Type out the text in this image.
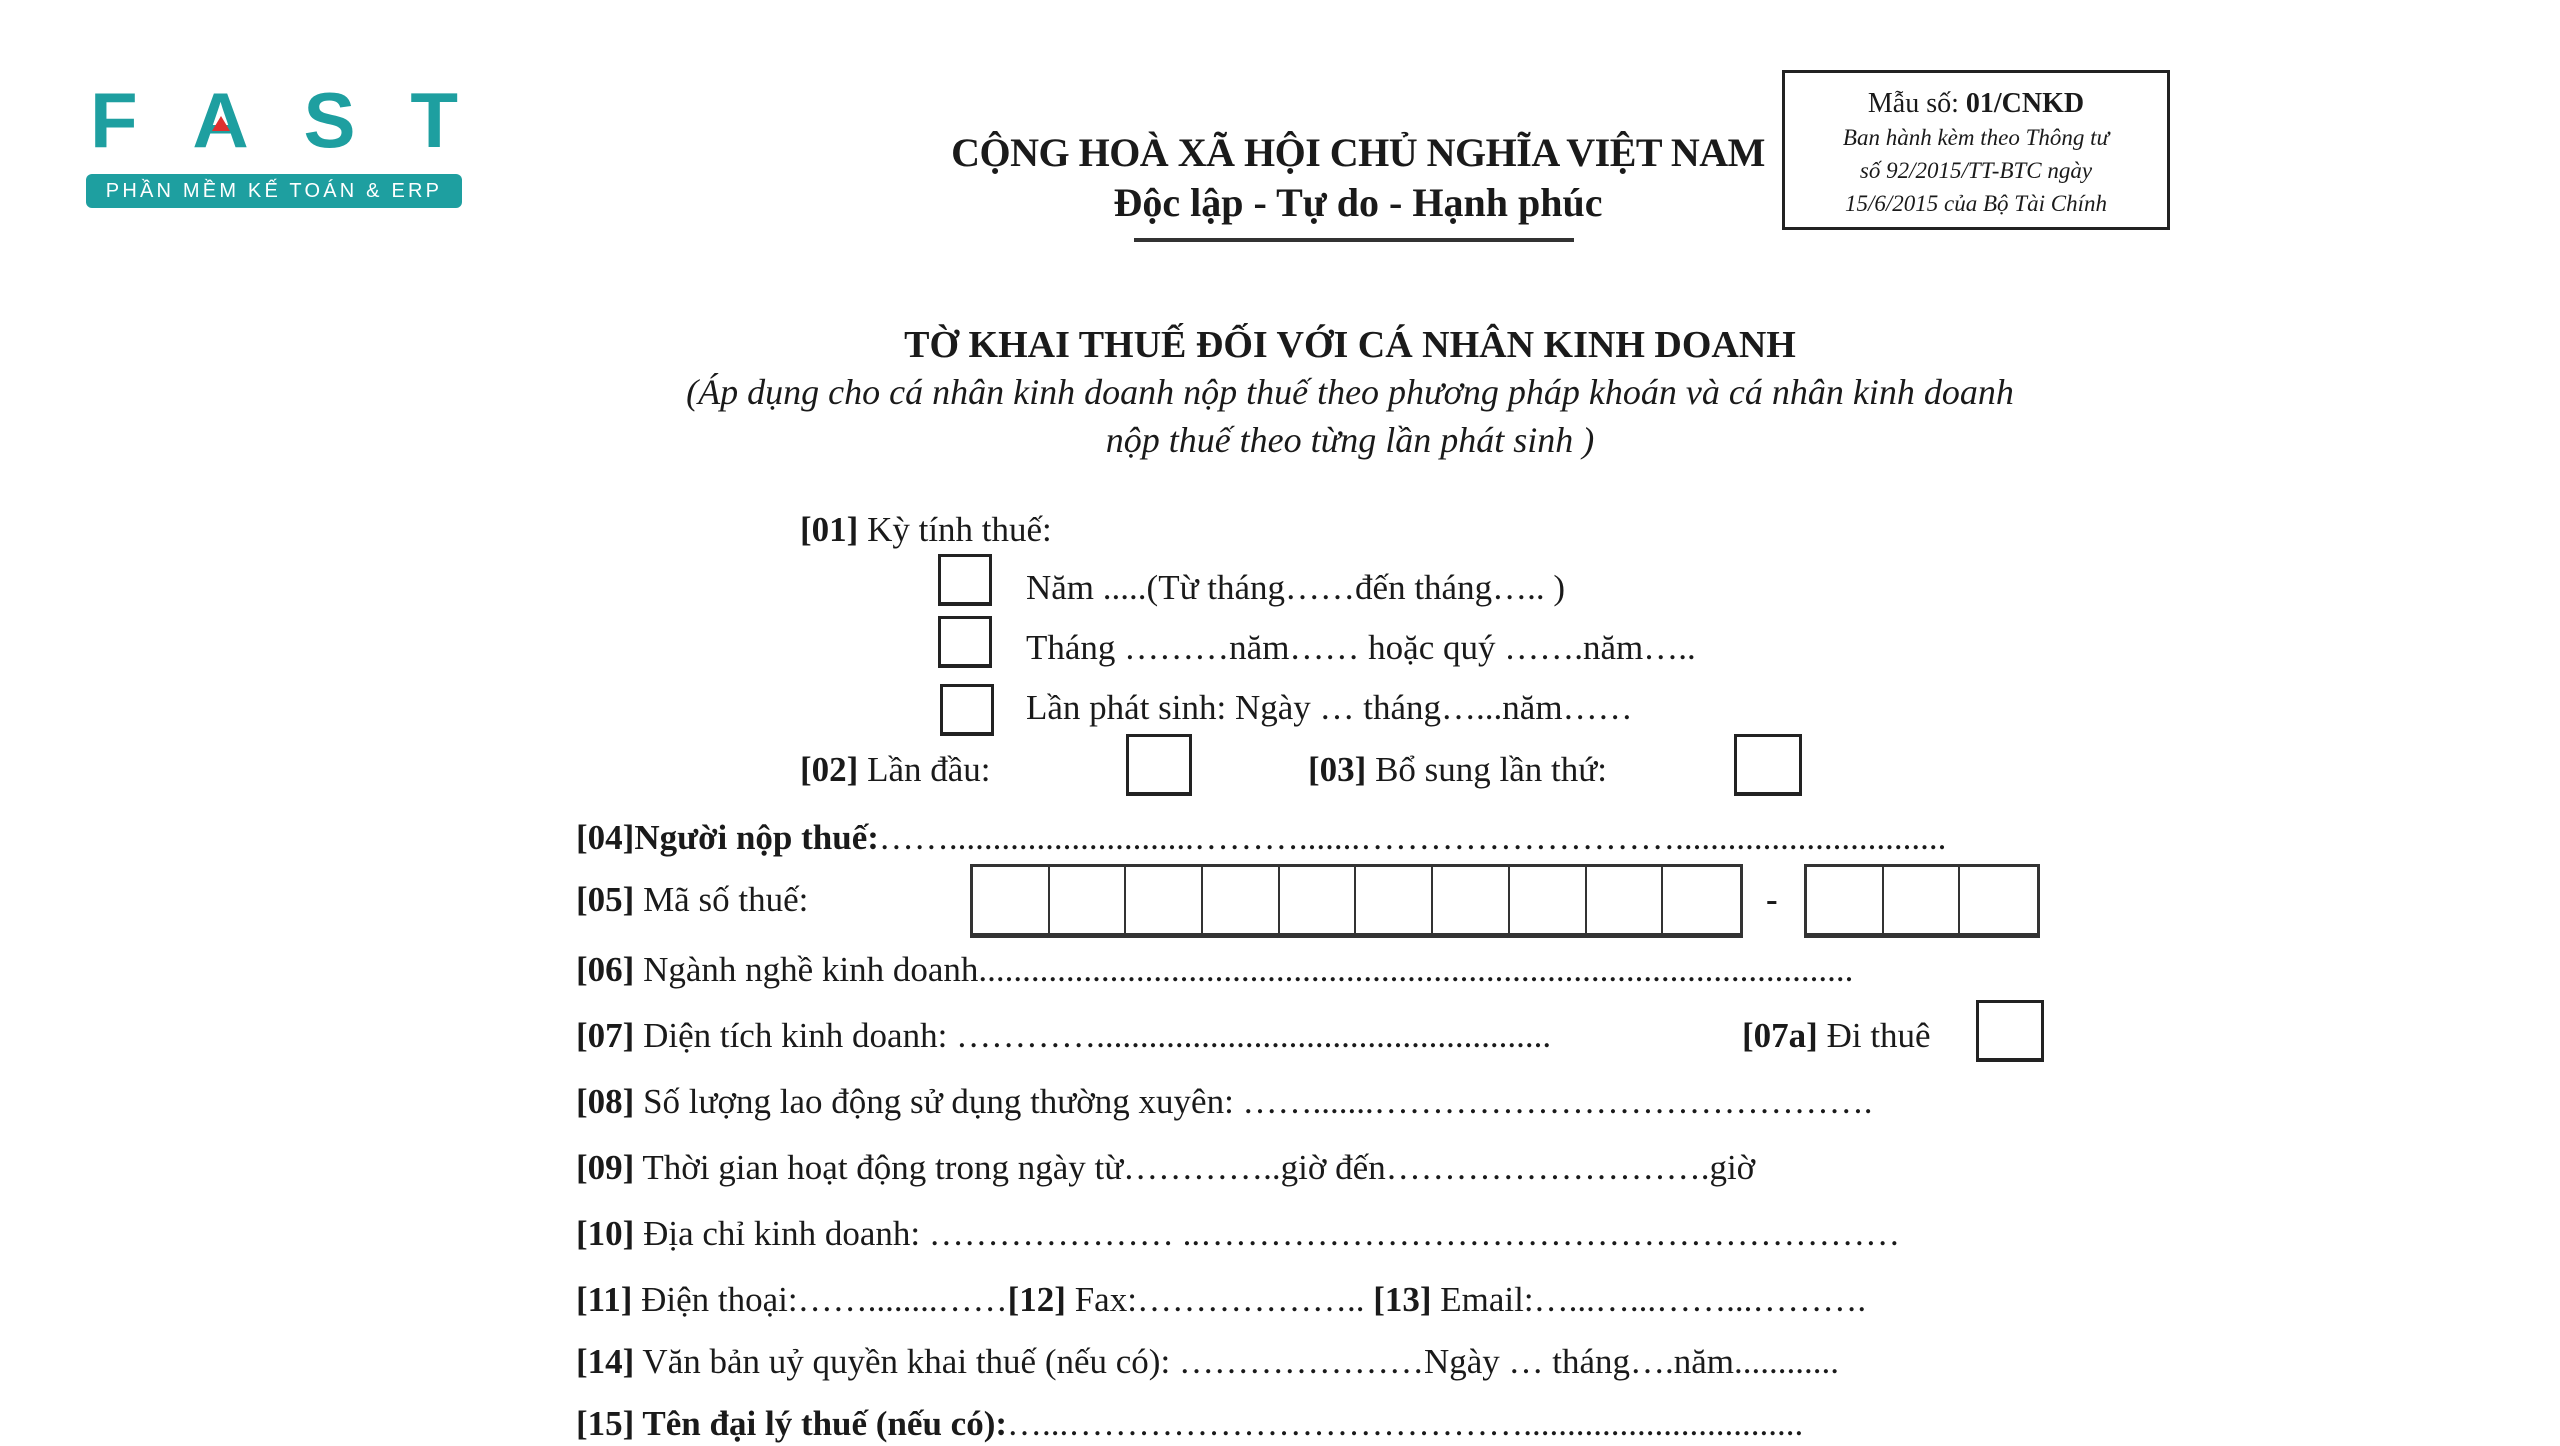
F A S T
PHẦN MỀM KẾ TOÁN & ERP
CỘNG HOÀ XÃ HỘI CHỦ NGHĨA VIỆT NAM
Độc lập - Tự do - Hạnh phúc
Mẫu số: 01/CNKD
Ban hành kèm theo Thông tư
số 92/2015/TT-BTC ngày
15/6/2015 của Bộ Tài Chính
TỜ KHAI THUẾ ĐỐI VỚI CÁ NHÂN KINH DOANH
(Áp dụng cho cá nhân kinh doanh nộp thuế theo phương pháp khoán và cá nhân kinh doanh
nộp thuế theo từng lần phát sinh )
[01] Kỳ tính thuế:
Năm .....(Từ tháng……đến tháng….. )
Tháng ………năm…… hoặc quý …….năm…..
Lần phát sinh: Ngày … tháng…...năm……
[02] Lần đầu:	[03] Bổ sung lần thứ:
[04]Người nộp thuế:……............................……….......………………………...............................
[05] Mã số thuế:	-
[06] Ngành nghề kinh doanh....................................................................................................
[07] Diện tích kinh doanh: …………....................................................	[07a] Đi thuê
[08] Số lượng lao động sử dụng thường xuyên: …….......…………………………………….
[09] Thời gian hoạt động trong ngày từ…………..giờ đến……………………….giờ
[10] Địa chỉ kinh doanh: ………………… ..……………………………………………………
[11] Điện thoại:……........……[12] Fax:……………….. [13] Email:…...…...……...……….
[14] Văn bản uỷ quyền khai thuế (nếu có): …………………Ngày … tháng….năm............
[15] Tên đại lý thuế (nếu có):…...…………………………………................................
